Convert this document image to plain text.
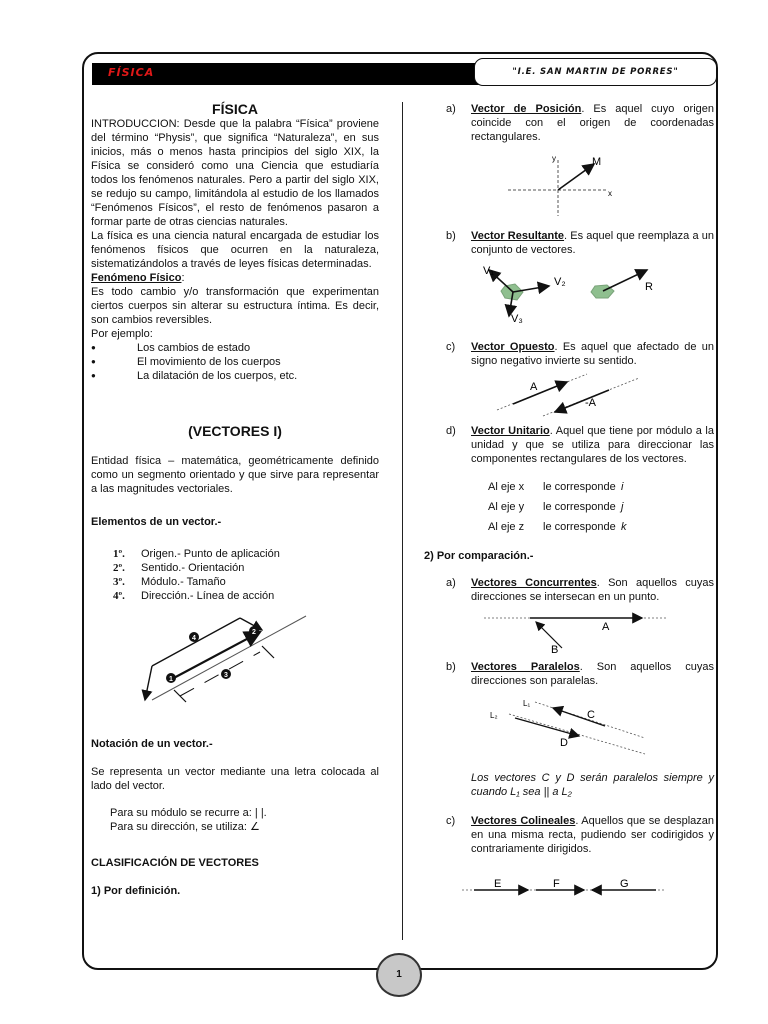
FÍSICA	"I.E. SAN MARTIN DE PORRES"
FÍSICA

INTRODUCCION: Desde que la palabra “Física” proviene del término “Physis”, que significa “Naturaleza”, en sus inicios, más o menos hasta principios del siglo XIX, la Física se consideró como una Ciencia que estudiaría todos los fenómenos naturales. Pero a partir del siglo XIX, se redujo su campo, limitándola al estudio de los llamados “Fenómenos Físicos”, el resto de fenómenos pasaron a formar parte de otras ciencias naturales.

La física es una ciencia natural encargada de estudiar los fenómenos físicos que ocurren en la naturaleza, sistematizándolos a través de leyes físicas determinadas.

Fenómeno Físico:

Es todo cambio y/o transformación que experimentan ciertos cuerpos sin alterar su estructura íntima. Es decir, son cambios reversibles.

Por ejemplo:

● Los cambios de estado
● El movimiento de los cuerpos
● La dilatación de los cuerpos, etc.
(VECTORES I)

Entidad física – matemática, geométricamente definido como un segmento orientado y que sirve para representar a las magnitudes vectoriales.

Elementos de un vector.-
1º.	Origen.- Punto de aplicación
2º.	Sentido.- Orientación
3º.	Módulo.- Tamaño
4º.	Dirección.- Línea de acción
4
2
1
3
Notación de un vector.-

Se representa un vector mediante una letra colocada al lado del vector.

Para su módulo se recurre a: | |.
Para su dirección, se utiliza: ∠
CLASIFICACIÓN DE VECTORES
1) Por definición.
a)	Vector de Posición. Es aquel cuyo origen coincide con el origen de coordenadas rectangulares.
y
x
M
b)	Vector Resultante. Es aquel que reemplaza a un conjunto de vectores.
V₁
V₂
V₃
R
c)	Vector Opuesto. Es aquel que afectado de un signo negativo invierte su sentido.
A
-A
d)	Vector Unitario. Aquel que tiene por módulo a la unidad y que se utiliza para direccionar las componentes rectangulares de los vectores.
Al eje x	le corresponde	i
Al eje y	le corresponde	j
Al eje z	le corresponde	k
2) Por comparación.-
a)	Vectores Concurrentes. Son aquellos cuyas direcciones se intersecan en un punto.
A
B
b)	Vectores Paralelos. Son aquellos cuyas direcciones son paralelas.
L₁
L₂	C
D
Los vectores C y D serán paralelos siempre y cuando L₁ sea || a L₂
c)	Vectores Colineales. Aquellos que se desplazan en una misma recta, pudiendo ser codirigidos y contrariamente dirigidos.
E	F	G
1
